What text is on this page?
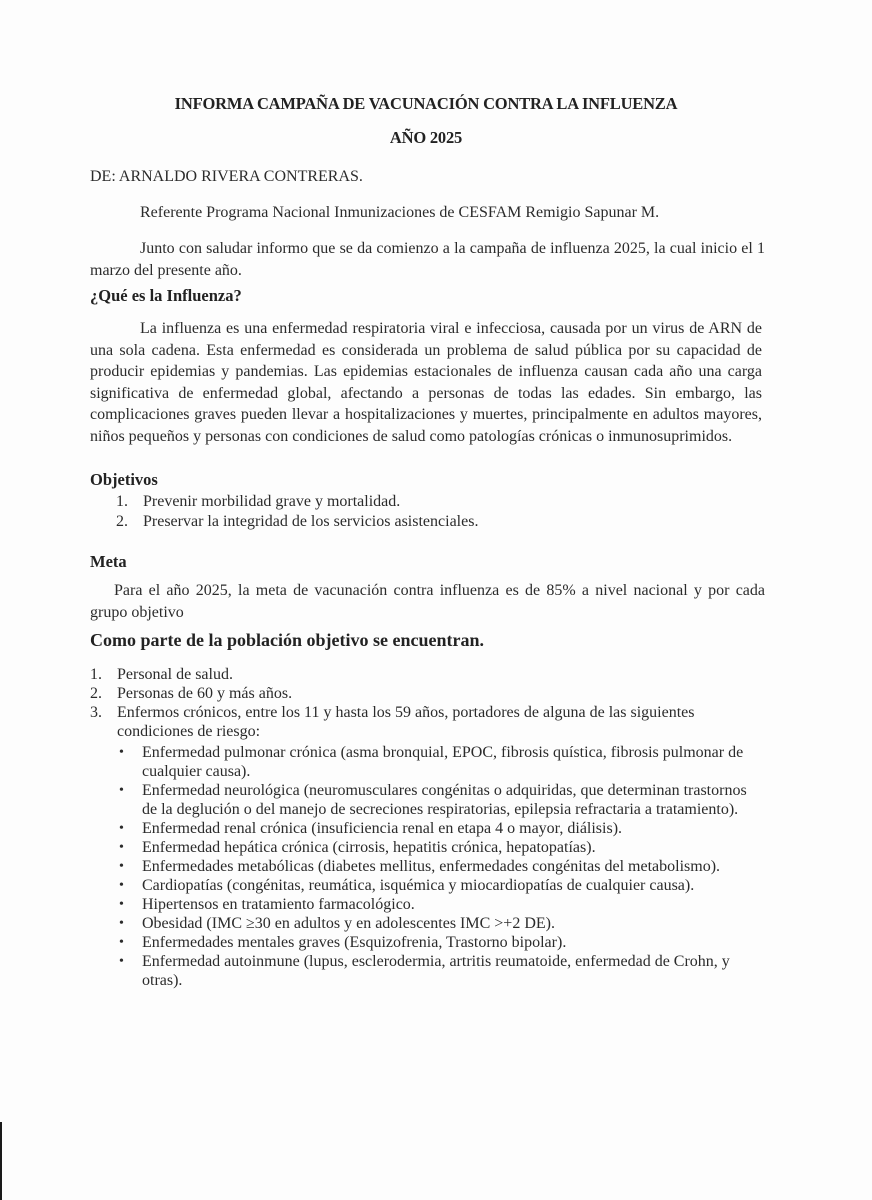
INFORMA CAMPAÑA DE VACUNACIÓN CONTRA LA INFLUENZA
AÑO 2025
DE: ARNALDO RIVERA CONTRERAS.
Referente Programa Nacional Inmunizaciones de CESFAM Remigio Sapunar M.
Junto con saludar informo que se da comienzo a la campaña de influenza 2025, la cual inicio el 1 marzo del presente año.
¿Qué es la Influenza?
La influenza es una enfermedad respiratoria viral e infecciosa, causada por un virus de ARN de una sola cadena. Esta enfermedad es considerada un problema de salud pública por su capacidad de producir epidemias y pandemias. Las epidemias estacionales de influenza causan cada año una carga significativa de enfermedad global, afectando a personas de todas las edades. Sin embargo, las complicaciones graves pueden llevar a hospitalizaciones y muertes, principalmente en adultos mayores, niños pequeños y personas con condiciones de salud como patologías crónicas o inmunosuprimidos.
Objetivos
1. Prevenir morbilidad grave y mortalidad.
2. Preservar la integridad de los servicios asistenciales.
Meta
Para el año 2025, la meta de vacunación contra influenza es de 85% a nivel nacional y por cada grupo objetivo
Como parte de la población objetivo se encuentran.
1. Personal de salud.
2. Personas de 60 y más años.
3. Enfermos crónicos, entre los 11 y hasta los 59 años, portadores de alguna de las siguientes
condiciones de riesgo:
• Enfermedad pulmonar crónica (asma bronquial, EPOC, fibrosis quística, fibrosis pulmonar de cualquier causa).
• Enfermedad neurológica (neuromusculares congénitas o adquiridas, que determinan trastornos de la deglución o del manejo de secreciones respiratorias, epilepsia refractaria a tratamiento).
• Enfermedad renal crónica (insuficiencia renal en etapa 4 o mayor, diálisis).
• Enfermedad hepática crónica (cirrosis, hepatitis crónica, hepatopatías).
• Enfermedades metabólicas (diabetes mellitus, enfermedades congénitas del metabolismo).
• Cardiopatías (congénitas, reumática, isquémica y miocardiopatías de cualquier causa).
• Hipertensos en tratamiento farmacológico.
• Obesidad (IMC ≥30 en adultos y en adolescentes IMC >+2 DE).
• Enfermedades mentales graves (Esquizofrenia, Trastorno bipolar).
• Enfermedad autoinmune (lupus, esclerodermia, artritis reumatoide, enfermedad de Crohn, y otras).
